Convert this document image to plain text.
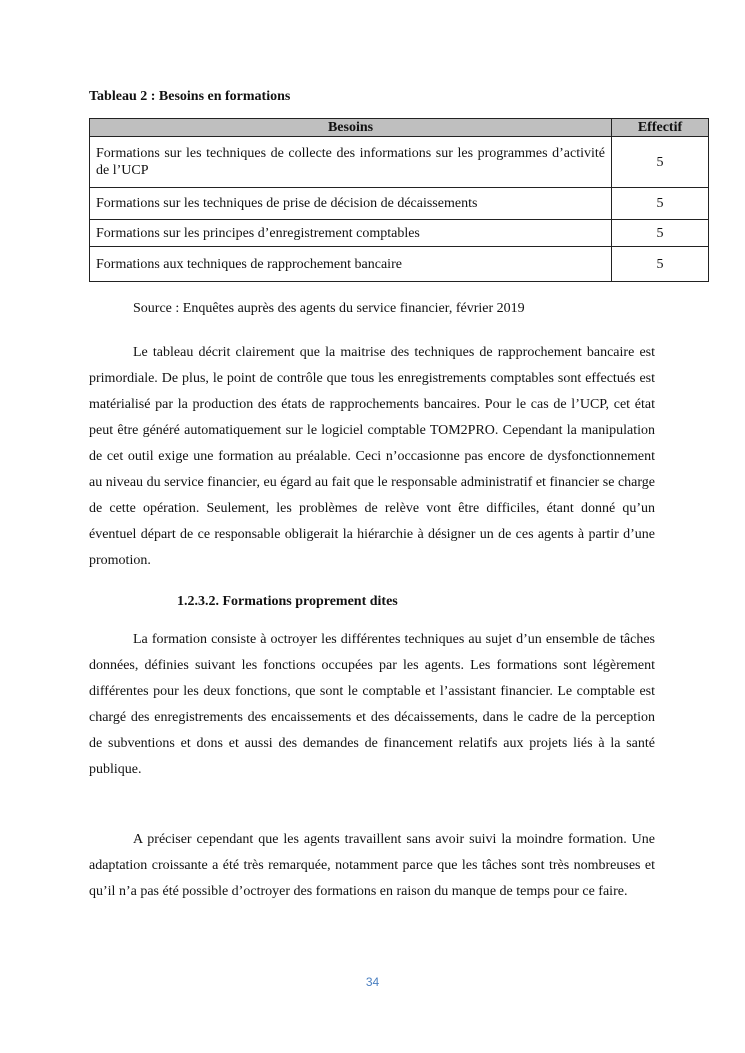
Tableau 2 : Besoins en formations

Besoins	Effectif
Formations sur les techniques de collecte des informations sur les programmes d’activité de l’UCP	5
Formations sur les techniques de prise de décision de décaissements	5
Formations sur les principes d’enregistrement comptables	5
Formations aux techniques de rapprochement bancaire	5

Source : Enquêtes auprès des agents du service financier, février 2019

Le tableau décrit clairement que la maitrise des techniques de rapprochement bancaire est primordiale. De plus, le point de contrôle que tous les enregistrements comptables sont effectués est matérialisé par la production des états de rapprochements bancaires. Pour le cas de l’UCP, cet état peut être généré automatiquement sur le logiciel comptable TOM2PRO. Cependant la manipulation de cet outil exige une formation au préalable. Ceci n’occasionne pas encore de dysfonctionnement au niveau du service financier, eu égard au fait que le responsable administratif et financier se charge de cette opération. Seulement, les problèmes de relève vont être difficiles, étant donné qu’un éventuel départ de ce responsable obligerait la hiérarchie à désigner un de ces agents à partir d’une promotion.

1.2.3.2. Formations proprement dites

La formation consiste à octroyer les différentes techniques au sujet d’un ensemble de tâches données, définies suivant les fonctions occupées par les agents. Les formations sont légèrement différentes pour les deux fonctions, que sont le comptable et l’assistant financier. Le comptable est chargé des enregistrements des encaissements et des décaissements, dans le cadre de la perception de subventions et dons et aussi des demandes de financement relatifs aux projets liés à la santé publique.

A préciser cependant que les agents travaillent sans avoir suivi la moindre formation. Une adaptation croissante a été très remarquée, notamment parce que les tâches sont très nombreuses et qu’il n’a pas été possible d’octroyer des formations en raison du manque de temps pour ce faire.

34
